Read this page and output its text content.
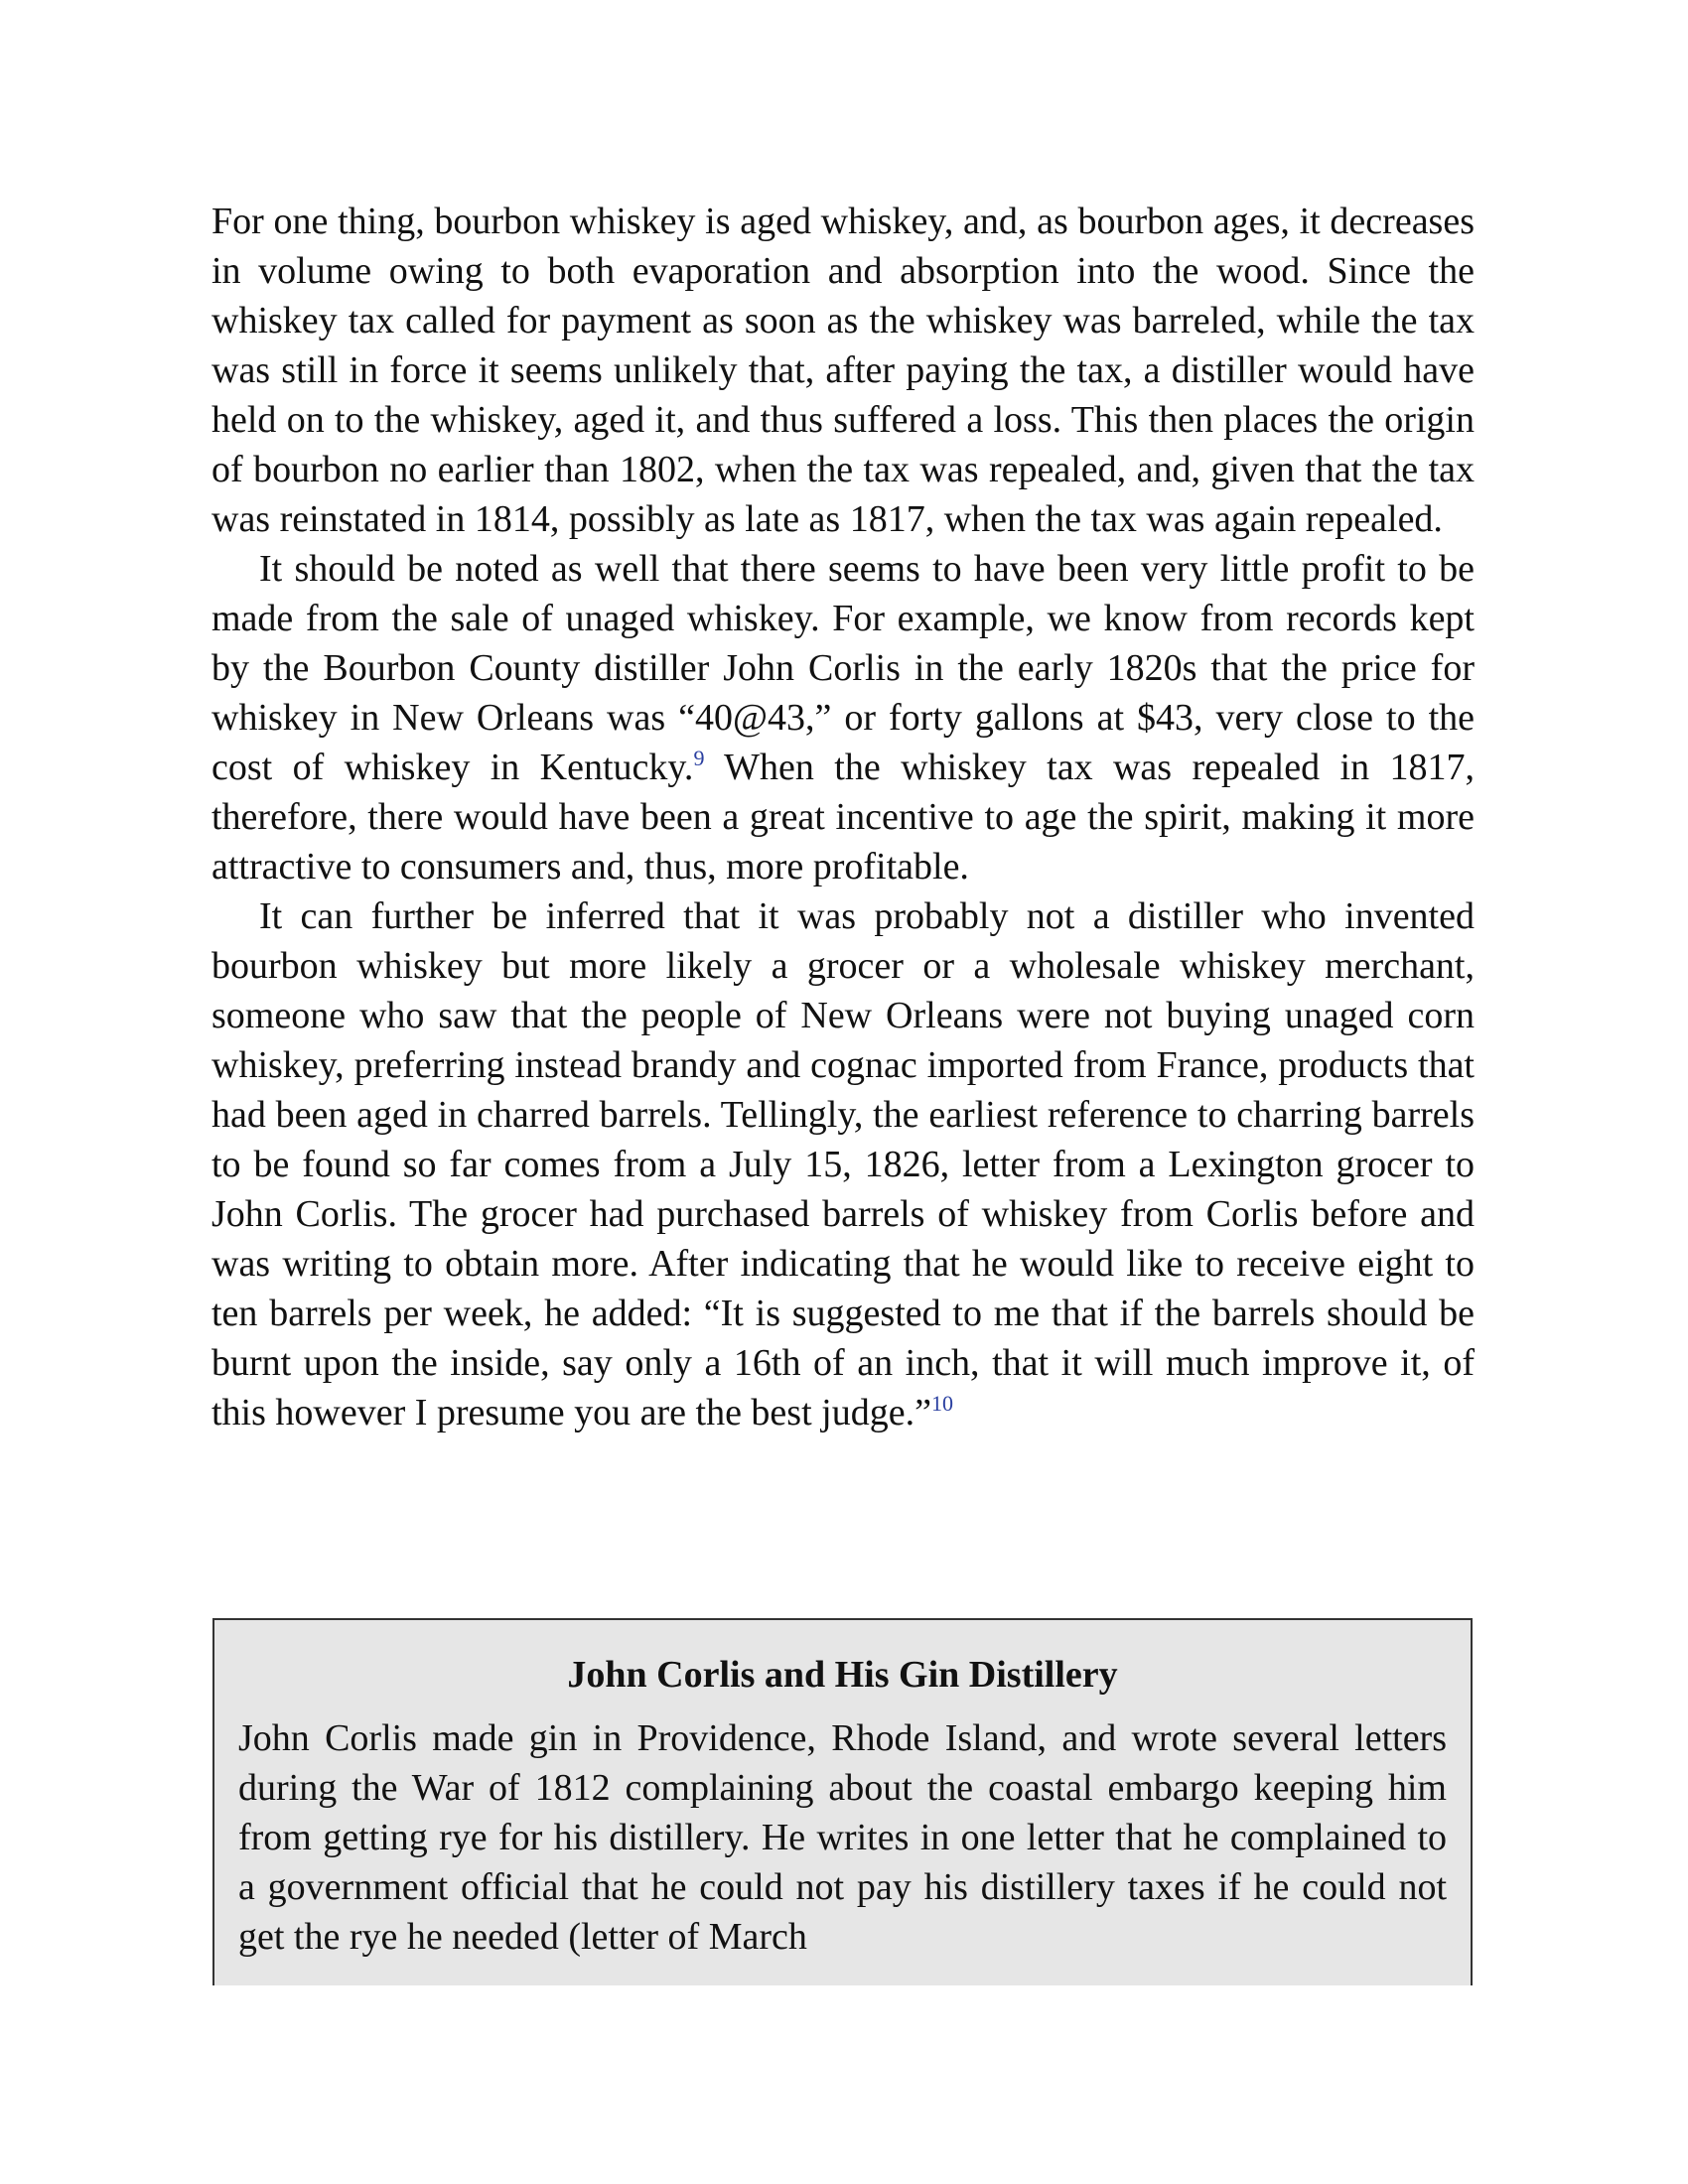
For one thing, bourbon whiskey is aged whiskey, and, as bourbon ages, it decreases in volume owing to both evaporation and absorption into the wood. Since the whiskey tax called for payment as soon as the whiskey was barreled, while the tax was still in force it seems unlikely that, after paying the tax, a distiller would have held on to the whiskey, aged it, and thus suffered a loss. This then places the origin of bourbon no earlier than 1802, when the tax was repealed, and, given that the tax was reinstated in 1814, possibly as late as 1817, when the tax was again repealed.

It should be noted as well that there seems to have been very little profit to be made from the sale of unaged whiskey. For example, we know from records kept by the Bourbon County distiller John Corlis in the early 1820s that the price for whiskey in New Orleans was “40@43,” or forty gallons at $43, very close to the cost of whiskey in Kentucky.$^9$ When the whiskey tax was repealed in 1817, therefore, there would have been a great incentive to age the spirit, making it more attractive to consumers and, thus, more profitable.

It can further be inferred that it was probably not a distiller who invented bourbon whiskey but more likely a grocer or a wholesale whiskey merchant, someone who saw that the people of New Orleans were not buying unaged corn whiskey, preferring instead brandy and cognac imported from France, products that had been aged in charred barrels. Tellingly, the earliest reference to charring barrels to be found so far comes from a July 15, 1826, letter from a Lexington grocer to John Corlis. The grocer had purchased barrels of whiskey from Corlis before and was writing to obtain more. After indicating that he would like to receive eight to ten barrels per week, he added: “It is suggested to me that if the barrels should be burnt upon the inside, say only a 16th of an inch, that it will much improve it, of this however I presume you are the best judge.”$^{10}$

John Corlis and His Gin Distillery
John Corlis made gin in Providence, Rhode Island, and wrote several letters during the War of 1812 complaining about the coastal embargo keeping him from getting rye for his distillery. He writes in one letter that he complained to a government official that he could not pay his distillery taxes if he could not get the rye he needed (letter of March
